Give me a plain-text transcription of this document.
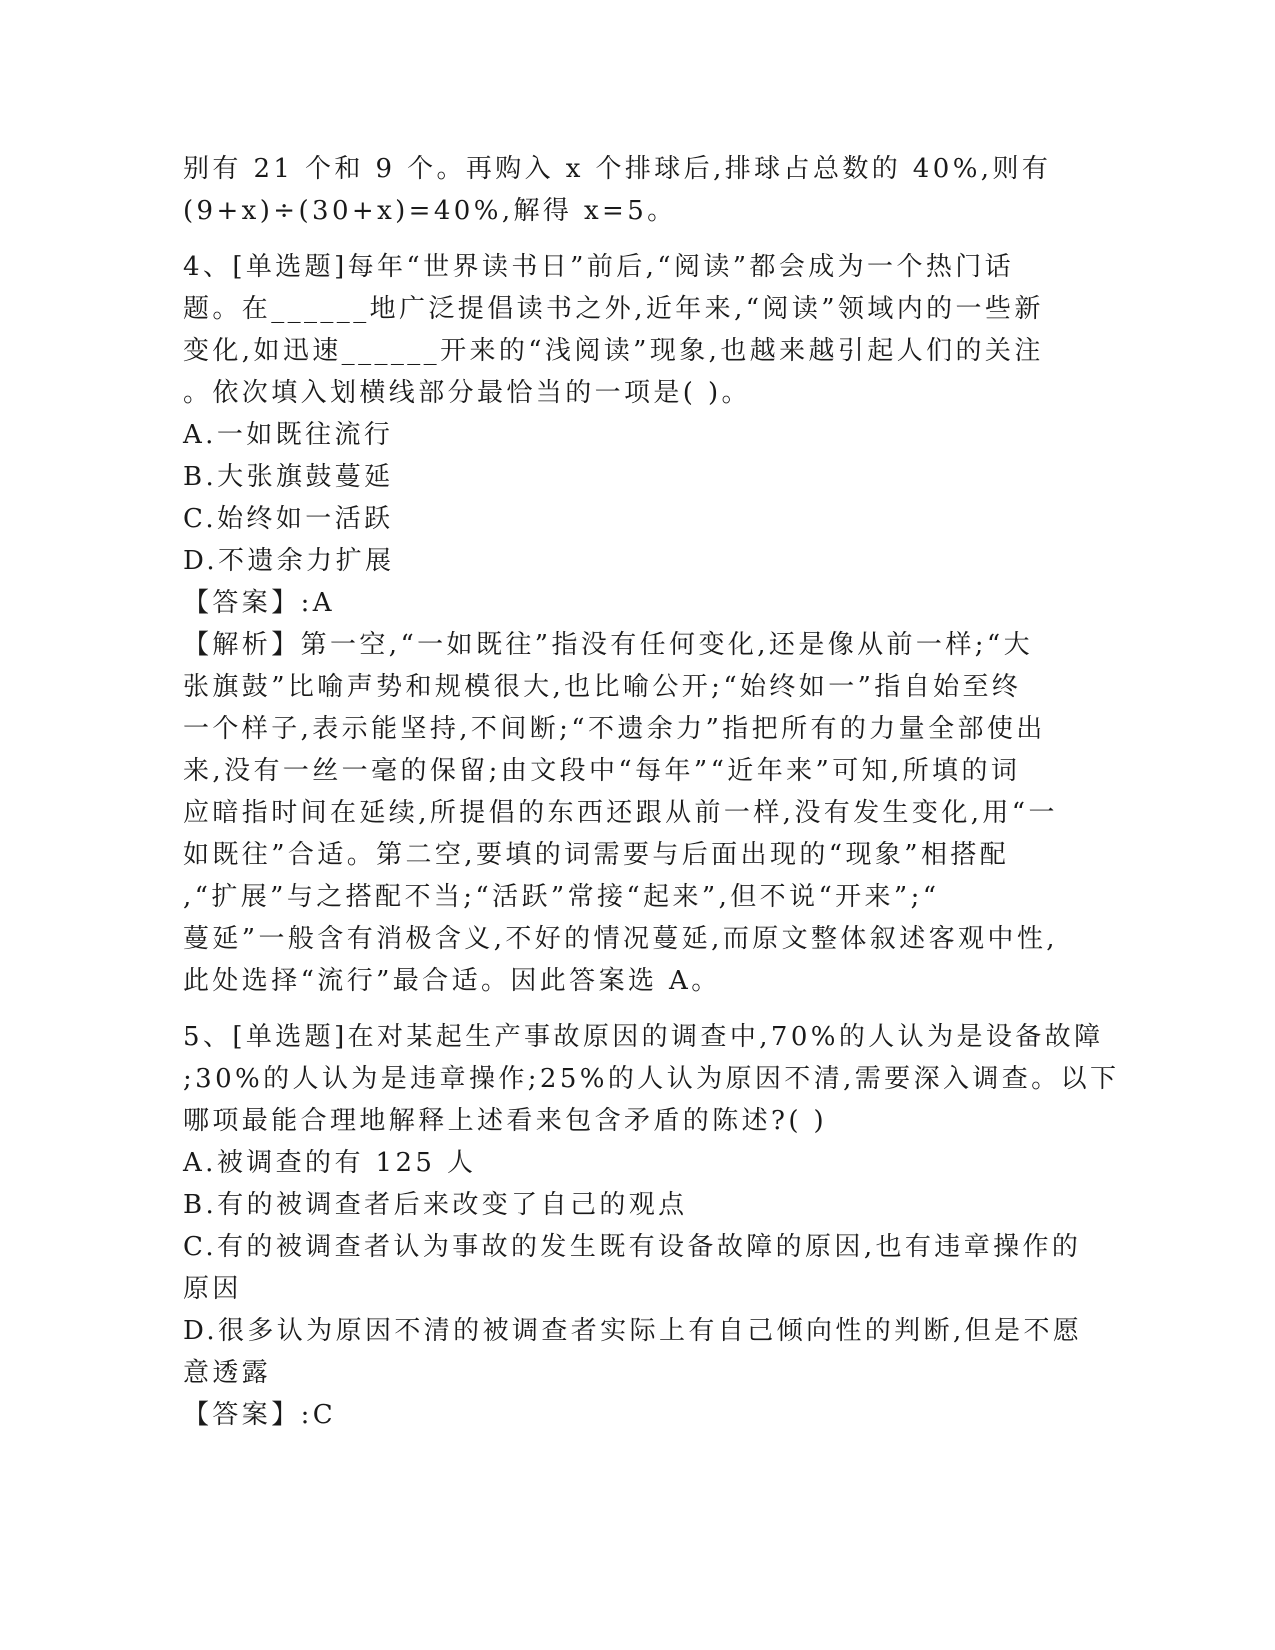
别有 21 个和 9 个。再购入 x 个排球后,排球占总数的 40%,则有
(9+x)÷(30+x)=40%,解得 x=5。
4、[单选题]每年“世界读书日”前后,“阅读”都会成为一个热门话
题。在______地广泛提倡读书之外,近年来,“阅读”领域内的一些新
变化,如迅速______开来的“浅阅读”现象,也越来越引起人们的关注
。依次填入划横线部分最恰当的一项是( )。
A.一如既往流行
B.大张旗鼓蔓延
C.始终如一活跃
D.不遗余力扩展
【答案】:A
【解析】第一空,“一如既往”指没有任何变化,还是像从前一样;“大
张旗鼓”比喻声势和规模很大,也比喻公开;“始终如一”指自始至终
一个样子,表示能坚持,不间断;“不遗余力”指把所有的力量全部使出
来,没有一丝一毫的保留;由文段中“每年”“近年来”可知,所填的词
应暗指时间在延续,所提倡的东西还跟从前一样,没有发生变化,用“一
如既往”合适。第二空,要填的词需要与后面出现的“现象”相搭配
,“扩展”与之搭配不当;“活跃”常接“起来”,但不说“开来”;“
蔓延”一般含有消极含义,不好的情况蔓延,而原文整体叙述客观中性,
此处选择“流行”最合适。因此答案选 A。
5、[单选题]在对某起生产事故原因的调查中,70%的人认为是设备故障
;30%的人认为是违章操作;25%的人认为原因不清,需要深入调查。以下
哪项最能合理地解释上述看来包含矛盾的陈述?( )
A.被调查的有 125 人
B.有的被调查者后来改变了自己的观点
C.有的被调查者认为事故的发生既有设备故障的原因,也有违章操作的
原因
D.很多认为原因不清的被调查者实际上有自己倾向性的判断,但是不愿
意透露
【答案】:C
